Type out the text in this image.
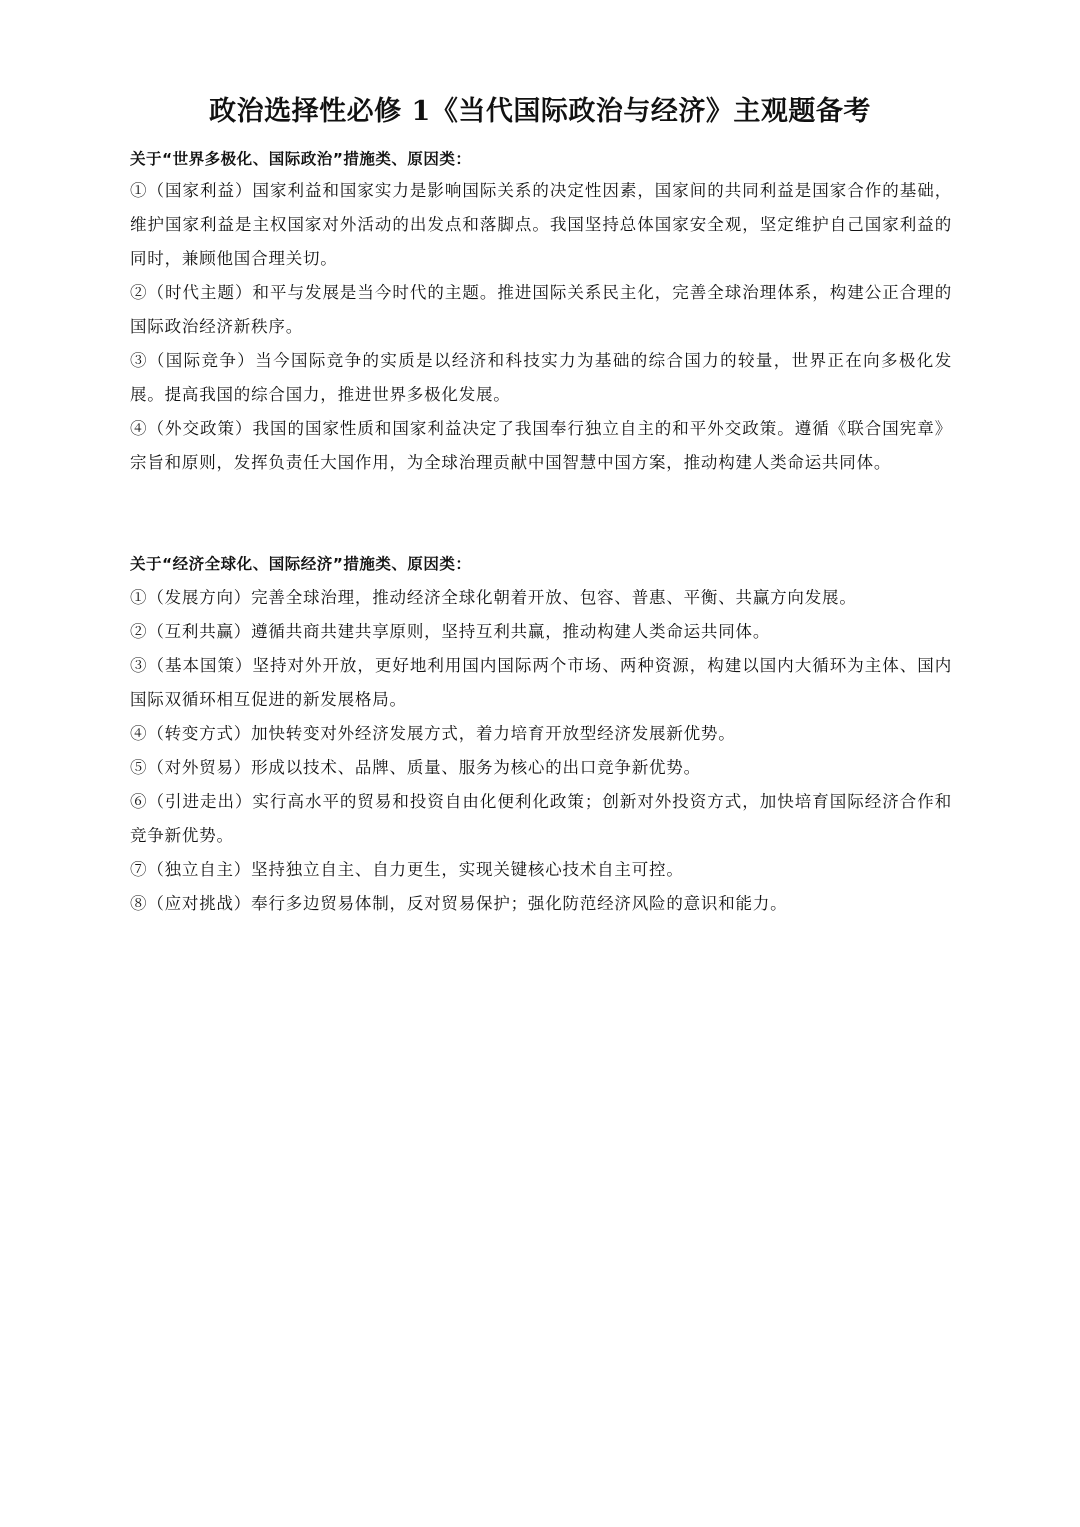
政治选择性必修 1《当代国际政治与经济》主观题备考
关于“世界多极化、国际政治”措施类、原因类：
①（国家利益）国家利益和国家实力是影响国际关系的决定性因素，国家间的共同利益是国家合作的基础，维护国家利益是主权国家对外活动的出发点和落脚点。我国坚持总体国家安全观，坚定维护自己国家利益的同时，兼顾他国合理关切。
②（时代主题）和平与发展是当今时代的主题。推进国际关系民主化，完善全球治理体系，构建公正合理的国际政治经济新秩序。
③（国际竞争）当今国际竞争的实质是以经济和科技实力为基础的综合国力的较量，世界正在向多极化发展。提高我国的综合国力，推进世界多极化发展。
④（外交政策）我国的国家性质和国家利益决定了我国奉行独立自主的和平外交政策。遵循《联合国宪章》宗旨和原则，发挥负责任大国作用，为全球治理贡献中国智慧中国方案，推动构建人类命运共同体。
关于“经济全球化、国际经济”措施类、原因类：
①（发展方向）完善全球治理，推动经济全球化朝着开放、包容、普惠、平衡、共赢方向发展。
②（互利共赢）遵循共商共建共享原则，坚持互利共赢，推动构建人类命运共同体。
③（基本国策）坚持对外开放，更好地利用国内国际两个市场、两种资源，构建以国内大循环为主体、国内国际双循环相互促进的新发展格局。
④（转变方式）加快转变对外经济发展方式，着力培育开放型经济发展新优势。
⑤（对外贸易）形成以技术、品牌、质量、服务为核心的出口竞争新优势。
⑥（引进走出）实行高水平的贸易和投资自由化便利化政策；创新对外投资方式，加快培育国际经济合作和竞争新优势。
⑦（独立自主）坚持独立自主、自力更生，实现关键核心技术自主可控。
⑧（应对挑战）奉行多边贸易体制，反对贸易保护；强化防范经济风险的意识和能力。
